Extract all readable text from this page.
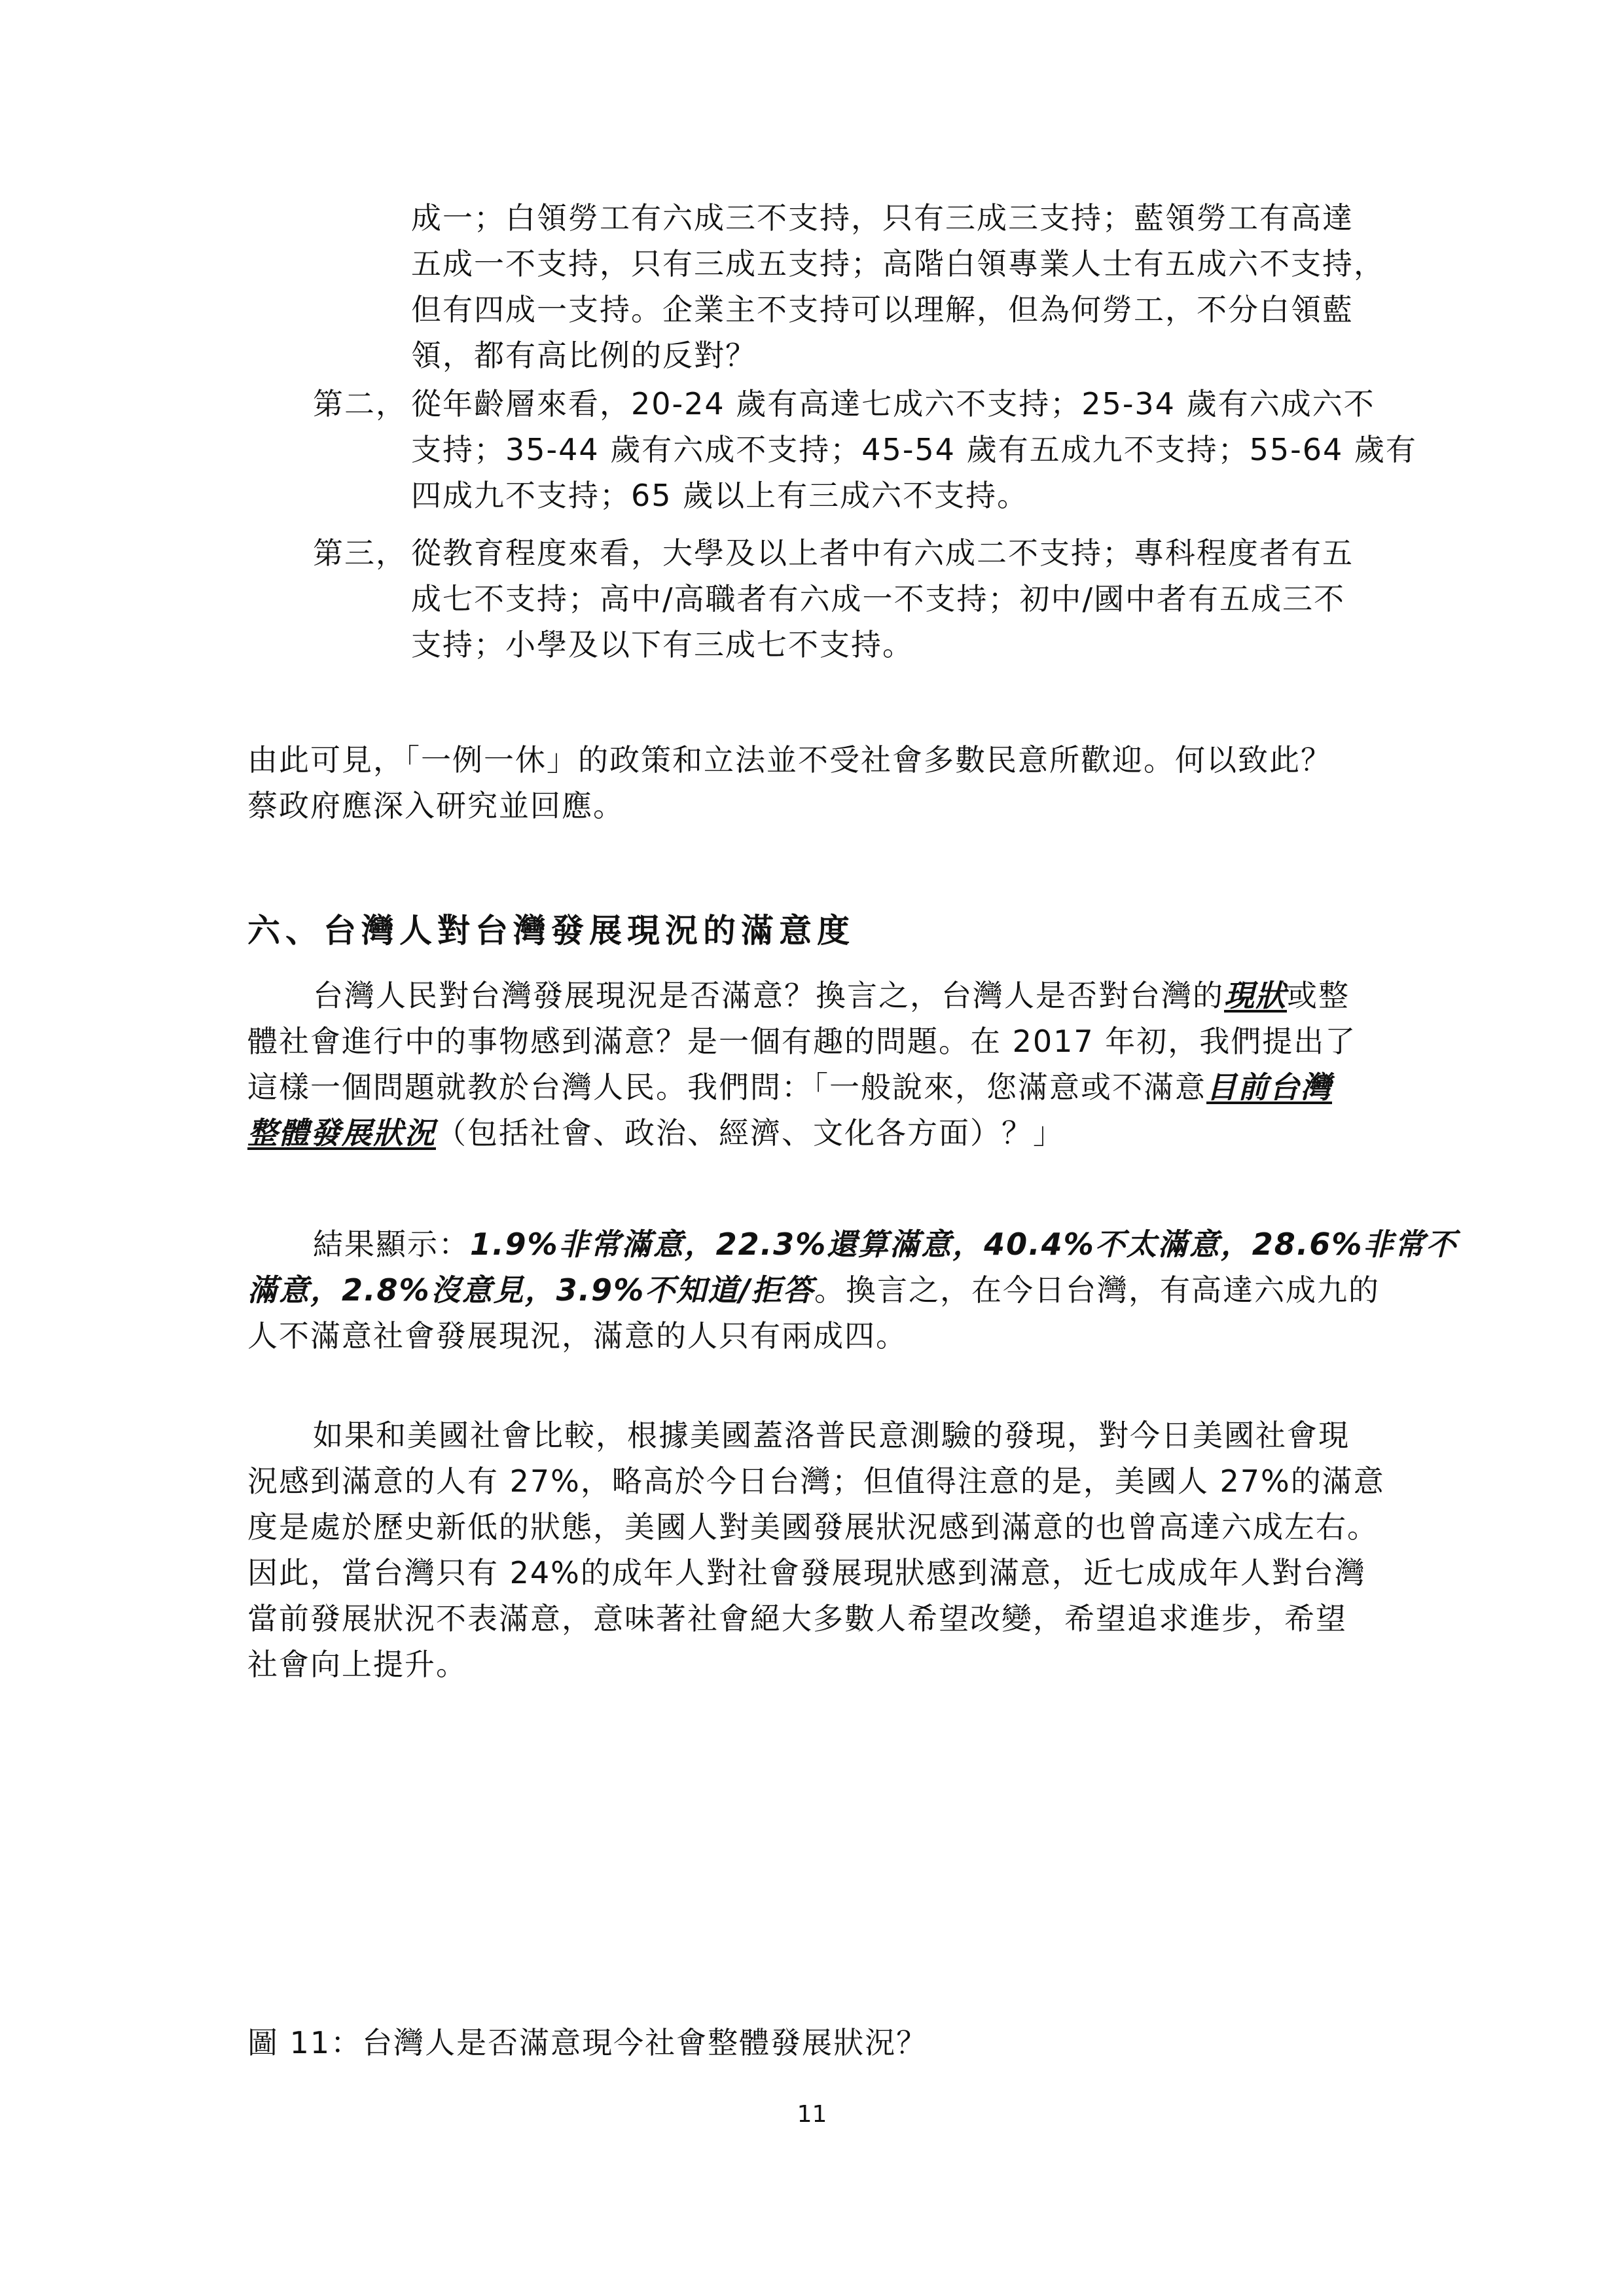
成一；白領勞工有六成三不支持，只有三成三支持；藍領勞工有高達

五成一不支持，只有三成五支持；高階白領專業人士有五成六不支持，

但有四成一支持。企業主不支持可以理解，但為何勞工，不分白領藍

領，都有高比例的反對？

第二， 從年齡層來看，20-24 歲有高達七成六不支持；25-34 歲有六成六不

支持；35-44 歲有六成不支持；45-54 歲有五成九不支持；55-64 歲有

四成九不支持；65 歲以上有三成六不支持。

第三， 從教育程度來看，大學及以上者中有六成二不支持；專科程度者有五

成七不支持；高中/高職者有六成一不支持；初中/國中者有五成三不

支持；小學及以下有三成七不支持。

由此可見，「一例一休」的政策和立法並不受社會多數民意所歡迎。何以致此？

蔡政府應深入研究並回應。

六、台灣人對台灣發展現況的滿意度

台灣人民對台灣發展現況是否滿意？換言之，台灣人是否對台灣的現狀或整

體社會進行中的事物感到滿意？是一個有趣的問題。在 2017 年初，我們提出了

這樣一個問題就教於台灣人民。我們問：「一般說來，您滿意或不滿意目前台灣

整體發展狀況（包括社會、政治、經濟、文化各方面）？」

結果顯示：1.9%非常滿意，22.3%還算滿意，40.4%不太滿意，28.6%非常不

滿意，2.8%沒意見，3.9%不知道/拒答。換言之，在今日台灣，有高達六成九的

人不滿意社會發展現況，滿意的人只有兩成四。

如果和美國社會比較，根據美國蓋洛普民意測驗的發現，對今日美國社會現

況感到滿意的人有 27%，略高於今日台灣；但值得注意的是，美國人 27%的滿意

度是處於歷史新低的狀態，美國人對美國發展狀況感到滿意的也曾高達六成左右。

因此，當台灣只有 24%的成年人對社會發展現狀感到滿意，近七成成年人對台灣

當前發展狀況不表滿意，意味著社會絕大多數人希望改變，希望追求進步，希望

社會向上提升。

圖 11：台灣人是否滿意現今社會整體發展狀況？

11
